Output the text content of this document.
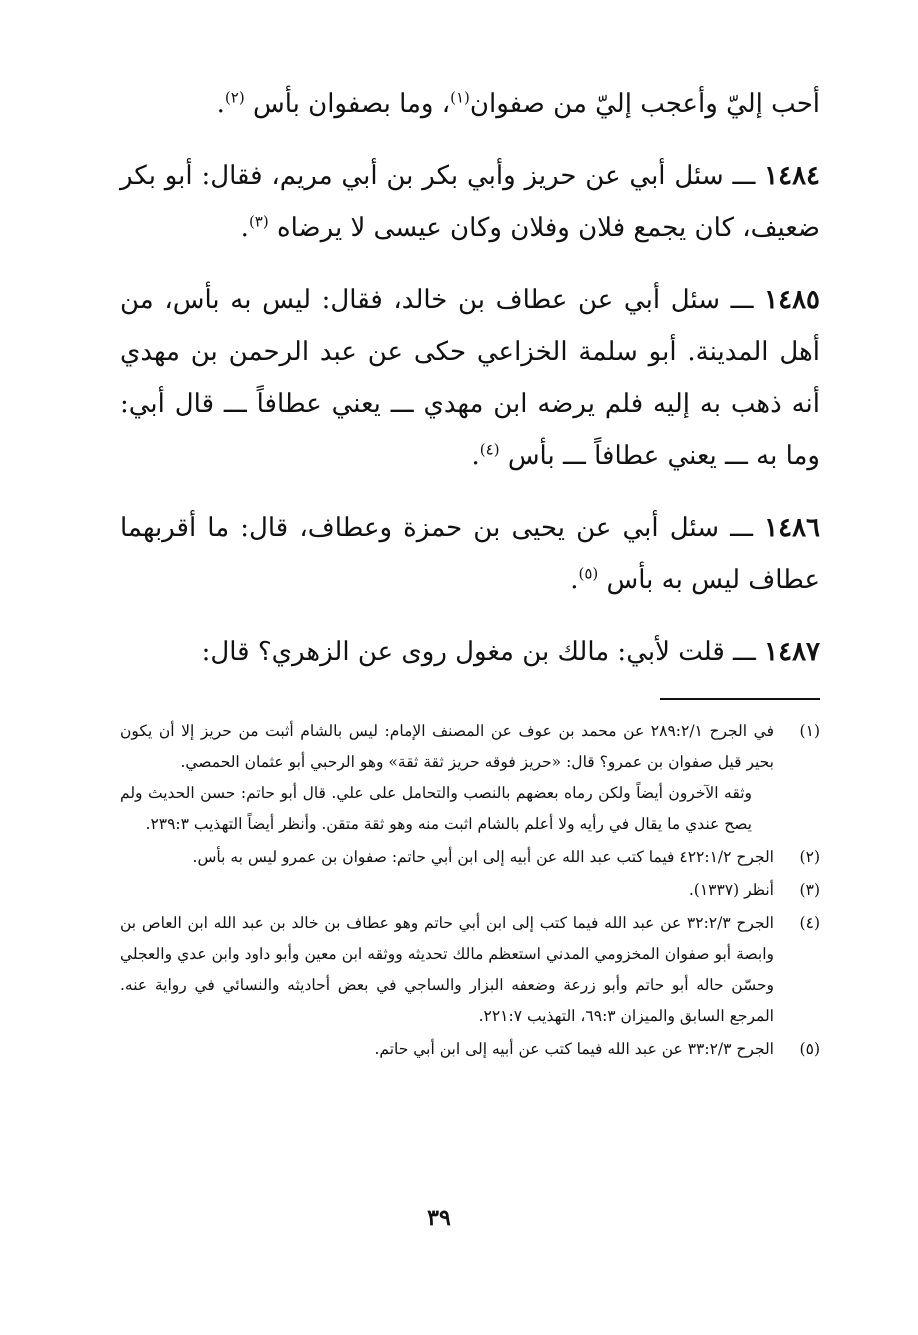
أحب إليّ وأعجب إليّ من صفوان$^{(١)}$، وما بصفوان بأس $^{(٢)}$.

١٤٨٤ ـــ سئل أبي عن حريز وأبي بكر بن أبي مريم، فقال: أبو بكر ضعيف، كان يجمع فلان وفلان وكان عيسى لا يرضاه $^{(٣)}$.

١٤٨٥ ـــ سئل أبي عن عطاف بن خالد، فقال: ليس به بأس، من أهل المدينة. أبو سلمة الخزاعي حكى عن عبد الرحمن بن مهدي أنه ذهب به إليه فلم يرضه ابن مهدي ـــ يعني عطافاً ـــ قال أبي: وما به ـــ يعني عطافاً ـــ بأس $^{(٤)}$.

١٤٨٦ ـــ سئل أبي عن يحيى بن حمزة وعطاف، قال: ما أقربهما عطاف ليس به بأس $^{(٥)}$.

١٤٨٧ ـــ قلت لأبي: مالك بن مغول روى عن الزهري؟ قال:

(١)
في الجرح ٢٨٩:٢/١ عن محمد بن عوف عن المصنف الإمام: ليس بالشام أثبت من حريز إلا أن يكون بحير قيل صفوان بن عمرو؟ قال: «حريز فوقه حريز ثقة ثقة» وهو الرحبي أبو عثمان الحمصي.
وثقه الآخرون أيضاً ولكن رماه بعضهم بالنصب والتحامل على علي. قال أبو حاتم: حسن الحديث ولم يصح عندي ما يقال في رأيه ولا أعلم بالشام اثبت منه وهو ثقة متقن. وأنظر أيضاً التهذيب ٢٣٩:٣.
(٢)
الجرح ٤٢٢:١/٢ فيما كتب عبد الله عن أبيه إلى ابن أبي حاتم: صفوان بن عمرو ليس به بأس.
(٣)
أنظر (١٣٣٧).
(٤)
الجرح ٣٢:٢/٣ عن عبد الله فيما كتب إلى ابن أبي حاتم وهو عطاف بن خالد بن عبد الله ابن العاص بن وابصة أبو صفوان المخزومي المدني استعظم مالك تحديثه ووثقه ابن معين وأبو داود وابن عدي والعجلي وحسّن حاله أبو حاتم وأبو زرعة وضعفه البزار والساجي في بعض أحاديثه والنسائي في رواية عنه. المرجع السابق والميزان ٦٩:٣، التهذيب ٢٢١:٧.
(٥)
الجرح ٣٣:٢/٣ عن عبد الله فيما كتب عن أبيه إلى ابن أبي حاتم.
٣٩
